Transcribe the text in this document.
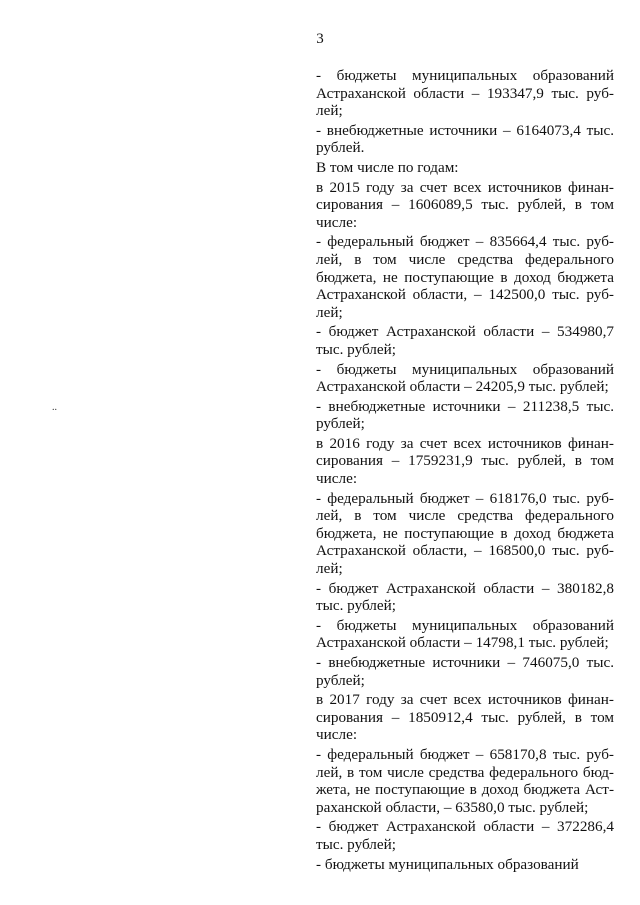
3
..

- бюджеты муниципальных образований
Астраханской области – 193347,9 тыс. руб-
лей;

- внебюджетные источники – 6164073,4 тыс.
рублей.

В том числе по годам:

в 2015 году за счет всех источников финан-
сирования – 1606089,5 тыс. рублей, в том
числе:

- федеральный бюджет – 835664,4 тыс. руб-
лей, в том числе средства федерального
бюджета, не поступающие в доход бюджета
Астраханской области, – 142500,0 тыс. руб-
лей;

- бюджет Астраханской области – 534980,7
тыс. рублей;

- бюджеты муниципальных образований
Астраханской области – 24205,9 тыс. рублей;

- внебюджетные источники – 211238,5 тыс.
рублей;

в 2016 году за счет всех источников финан-
сирования – 1759231,9 тыс. рублей, в том
числе:

- федеральный бюджет – 618176,0 тыс. руб-
лей, в том числе средства федерального
бюджета, не поступающие в доход бюджета
Астраханской области, – 168500,0 тыс. руб-
лей;

- бюджет Астраханской области – 380182,8
тыс. рублей;

- бюджеты муниципальных образований
Астраханской области – 14798,1 тыс. рублей;

- внебюджетные источники – 746075,0 тыс.
рублей;

в 2017 году за счет всех источников финан-
сирования – 1850912,4 тыс. рублей, в том
числе:

- федеральный бюджет – 658170,8 тыс. руб-
лей, в том числе средства федерального бюд-
жета, не поступающие в доход бюджета Аст-
раханской области, – 63580,0 тыс. рублей;

- бюджет Астраханской области – 372286,4
тыс. рублей;

- бюджеты муниципальных образований
